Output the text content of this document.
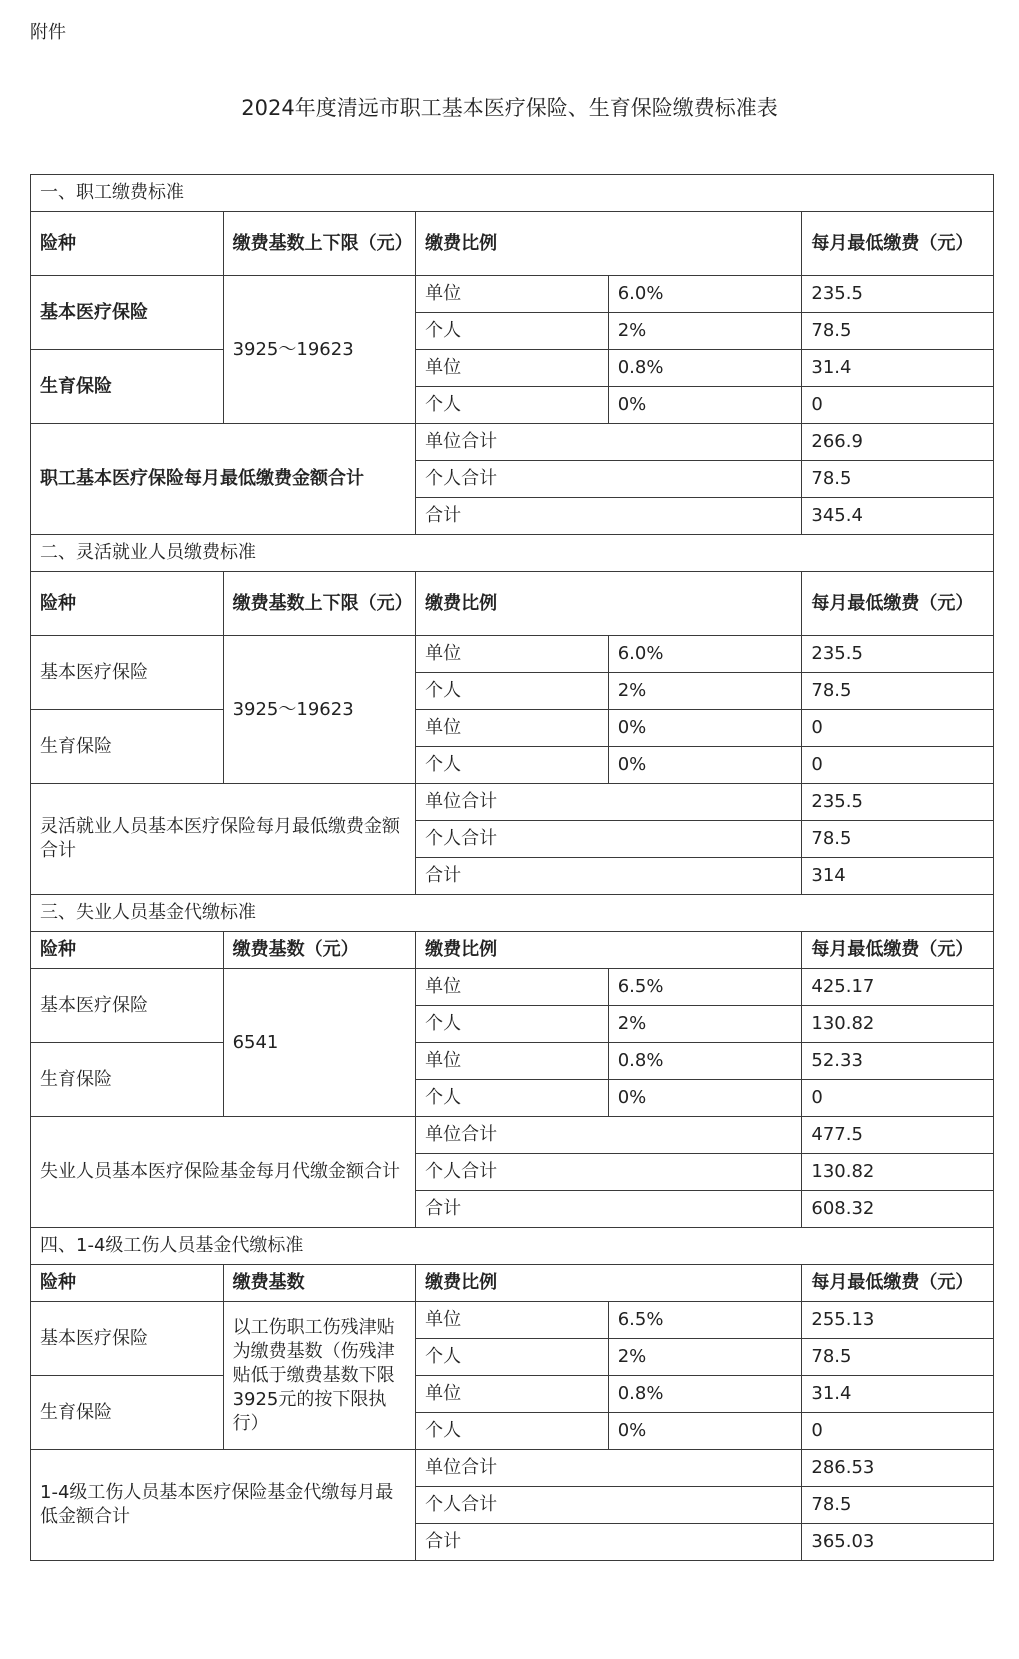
附件
2024年度清远市职工基本医疗保险、生育保险缴费标准表
一、职工缴费标准				
险种	缴费基数上下限（元）	缴费比例		每月最低缴费（元）
基本医疗保险	3925～19623	单位	6.0%	235.5
		个人	2%	78.5
生育保险		单位	0.8%	31.4
		个人	0%	0
职工基本医疗保险每月最低缴费金额合计		单位合计		266.9
		个人合计		78.5
		合计		345.4
二、灵活就业人员缴费标准				
险种	缴费基数上下限（元）	缴费比例		每月最低缴费（元）
基本医疗保险	3925～19623	单位	6.0%	235.5
		个人	2%	78.5
生育保险		单位	0%	0
		个人	0%	0
灵活就业人员基本医疗保险每月最低缴费金额合计		单位合计		235.5
		个人合计		78.5
		合计		314
三、失业人员基金代缴标准				
险种	缴费基数（元）	缴费比例		每月最低缴费（元）
基本医疗保险	6541	单位	6.5%	425.17
		个人	2%	130.82
生育保险		单位	0.8%	52.33
		个人	0%	0
失业人员基本医疗保险基金每月代缴金额合计		单位合计		477.5
		个人合计		130.82
		合计		608.32
四、1-4级工伤人员基金代缴标准				
险种	缴费基数	缴费比例		每月最低缴费（元）
基本医疗保险	以工伤职工伤残津贴为缴费基数（伤残津贴低于缴费基数下限3925元的按下限执行）	单位	6.5%	255.13
		个人	2%	78.5
生育保险		单位	0.8%	31.4
		个人	0%	0
1-4级工伤人员基本医疗保险基金代缴每月最低金额合计		单位合计		286.53
		个人合计		78.5
		合计		365.03
